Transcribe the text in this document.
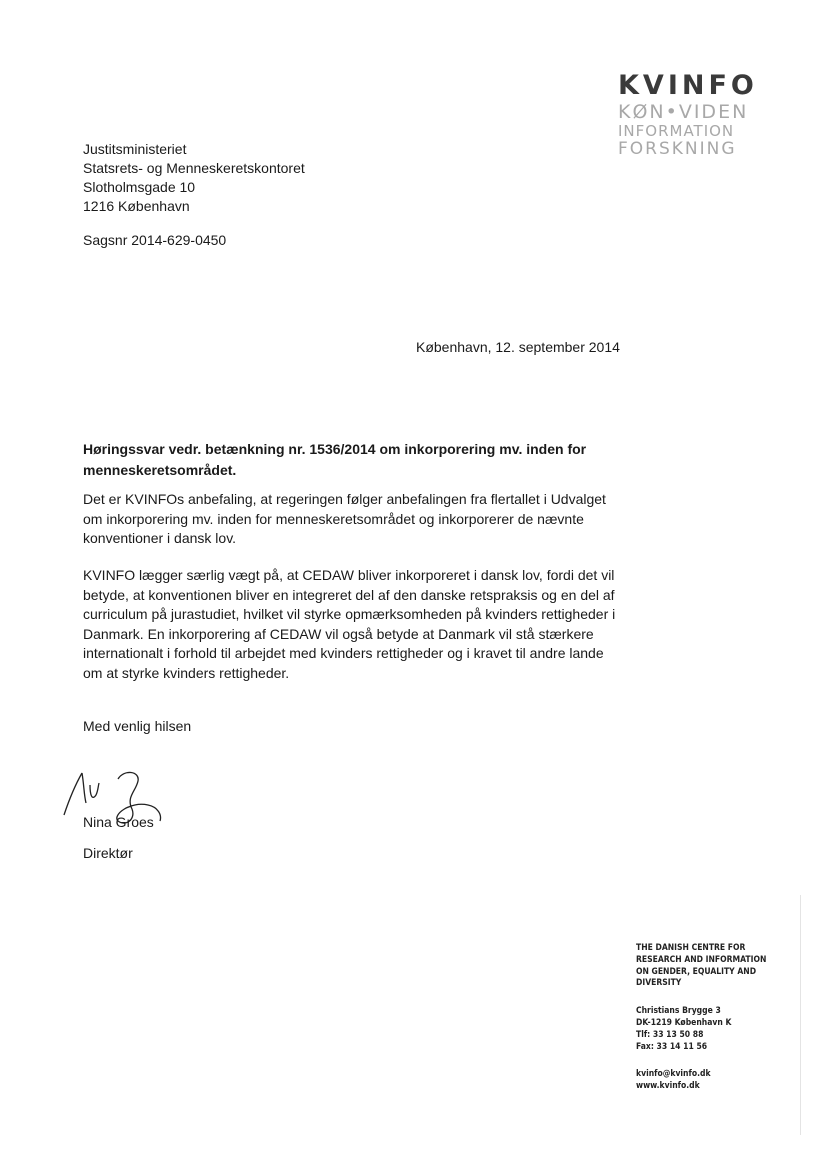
KVINFO
KØN•VIDEN
INFORMATION
FORSKNING
Justitsministeriet
Statsrets- og Menneskeretskontoret
Slotholmsgade 10
1216 København
Sagsnr 2014-629-0450
København, 12. september 2014
Høringssvar vedr. betænkning nr. 1536/2014 om inkorporering mv. inden for menneskeretsområdet.
Det er KVINFOs anbefaling, at regeringen følger anbefalingen fra flertallet i Udvalget om inkorporering mv. inden for menneskeretsområdet og inkorporerer de nævnte konventioner i dansk lov.
KVINFO lægger særlig vægt på, at CEDAW bliver inkorporeret i dansk lov, fordi det vil betyde, at konventionen bliver en integreret del af den danske retspraksis og en del af curriculum på jurastudiet, hvilket vil styrke opmærksomheden på kvinders rettigheder i Danmark. En inkorporering af CEDAW vil også betyde at Danmark vil stå stærkere internationalt i forhold til arbejdet med kvinders rettigheder og i kravet til andre lande om at styrke kvinders rettigheder.
Med venlig hilsen
Nina Groes
Direktør
THE DANISH CENTRE FOR
RESEARCH AND INFORMATION
ON GENDER, EQUALITY AND
DIVERSITY
Christians Brygge 3
DK-1219 København K
Tlf: 33 13 50 88
Fax: 33 14 11 56
kvinfo@kvinfo.dk
www.kvinfo.dk
